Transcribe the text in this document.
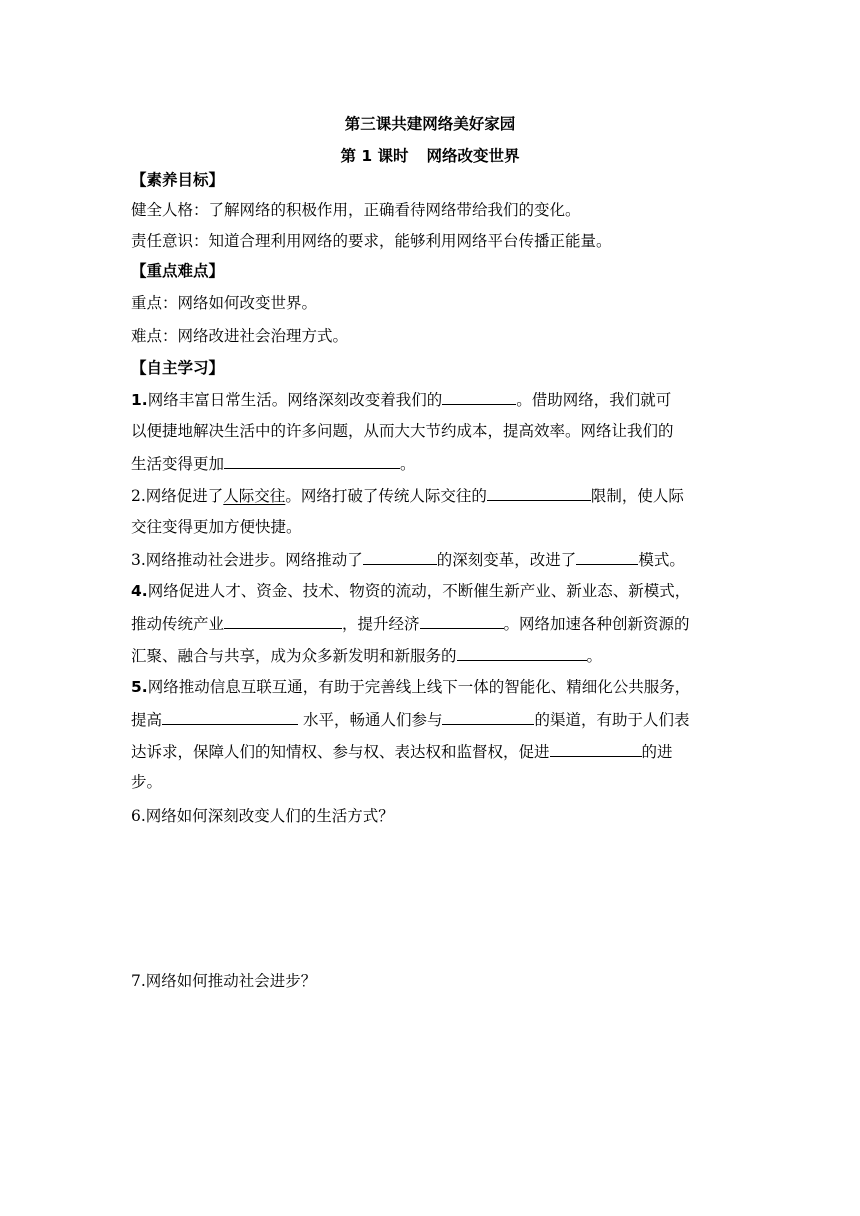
第三课共建网络美好家园
第 1 课时 网络改变世界
【素养目标】
健全人格：了解网络的积极作用，正确看待网络带给我们的变化。
责任意识：知道合理利用网络的要求，能够利用网络平台传播正能量。
【重点难点】
重点：网络如何改变世界。
难点：网络改进社会治理方式。
【自主学习】
1.网络丰富日常生活。网络深刻改变着我们的	。借助网络，我们就可
以便捷地解决生活中的许多问题，从而大大节约成本，提高效率。网络让我们的
生活变得更加	。
2.网络促进了人际交往。网络打破了传统人际交往的	限制，使人际
交往变得更加方便快捷。
3.网络推动社会进步。网络推动了	的深刻变革，改进了	模式。
4.网络促进人才、资金、技术、物资的流动，不断催生新产业、新业态、新模式，
推动传统产业	，提升经济	。网络加速各种创新资源的
汇聚、融合与共享，成为众多新发明和新服务的	。
5.网络推动信息互联互通，有助于完善线上线下一体的智能化、精细化公共服务，
提高	水平，畅通人们参与	的渠道，有助于人们表
达诉求，保障人们的知情权、参与权、表达权和监督权，促进	的进
步。
6.网络如何深刻改变人们的生活方式？
7.网络如何推动社会进步？
